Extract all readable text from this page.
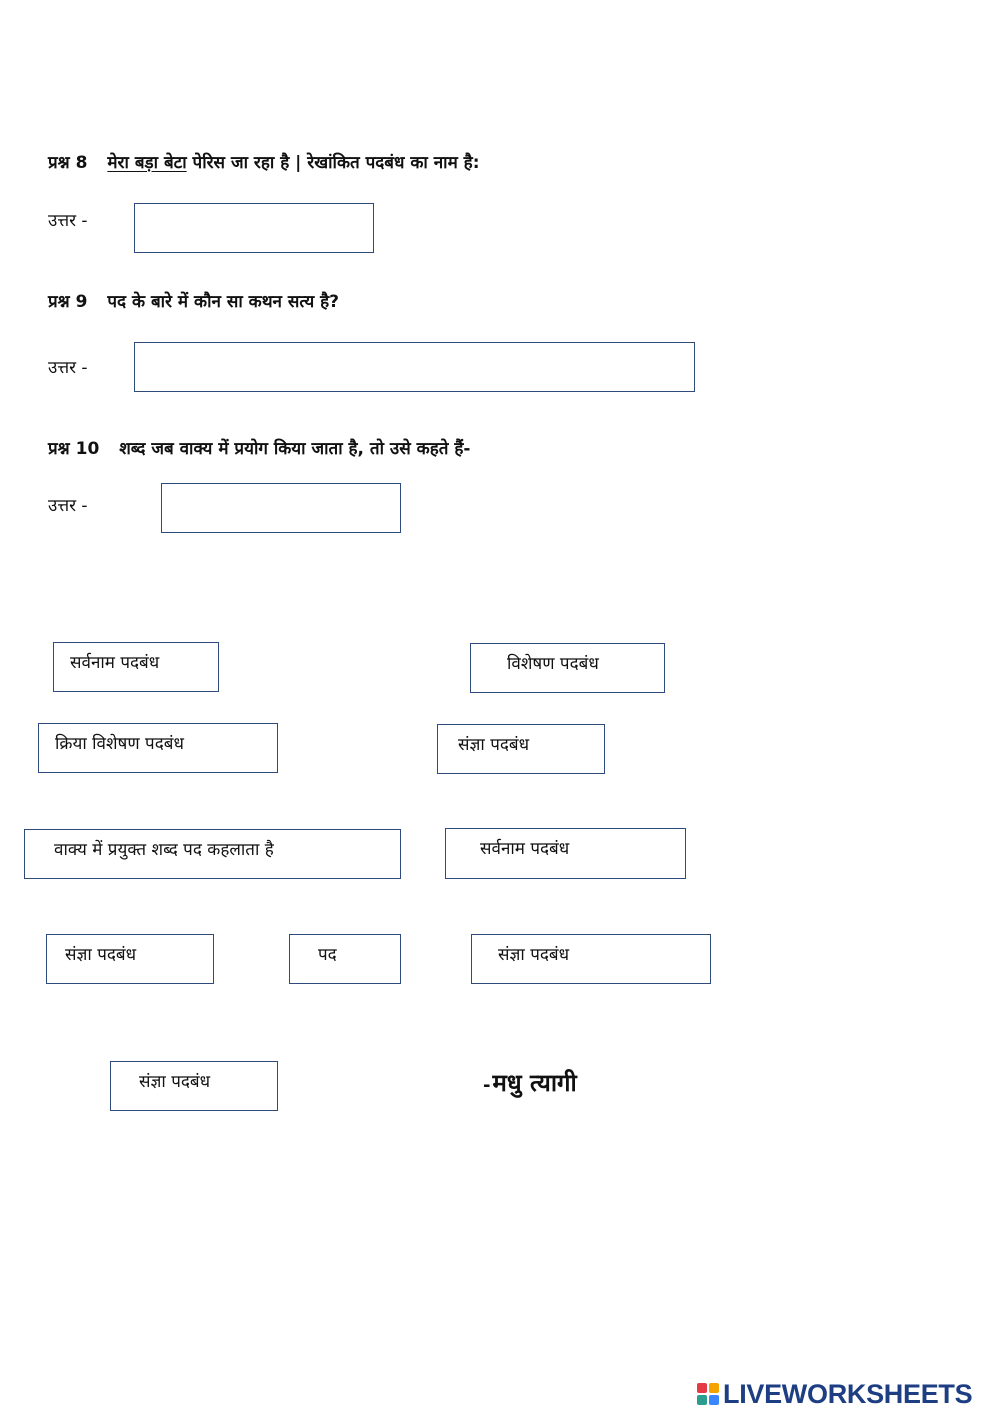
प्रश्न 8 मेरा बड़ा बेटा पेरिस जा रहा है | रेखांकित पदबंध का नाम है:
उत्तर -
प्रश्न 9 पद के बारे में कौन सा कथन सत्य है?
उत्तर -
प्रश्न 10 शब्द जब वाक्य में प्रयोग किया जाता है, तो उसे कहते हैं-
उत्तर -
सर्वनाम पदबंध	विशेषण पदबंध
क्रिया विशेषण पदबंध	संज्ञा पदबंध
वाक्य में प्रयुक्त शब्द पद कहलाता है	सर्वनाम पदबंध
संज्ञा पदबंध	पद	संज्ञा पदबंध
संज्ञा पदबंध	-मधु त्यागी
LIVEWORKSHEETS
